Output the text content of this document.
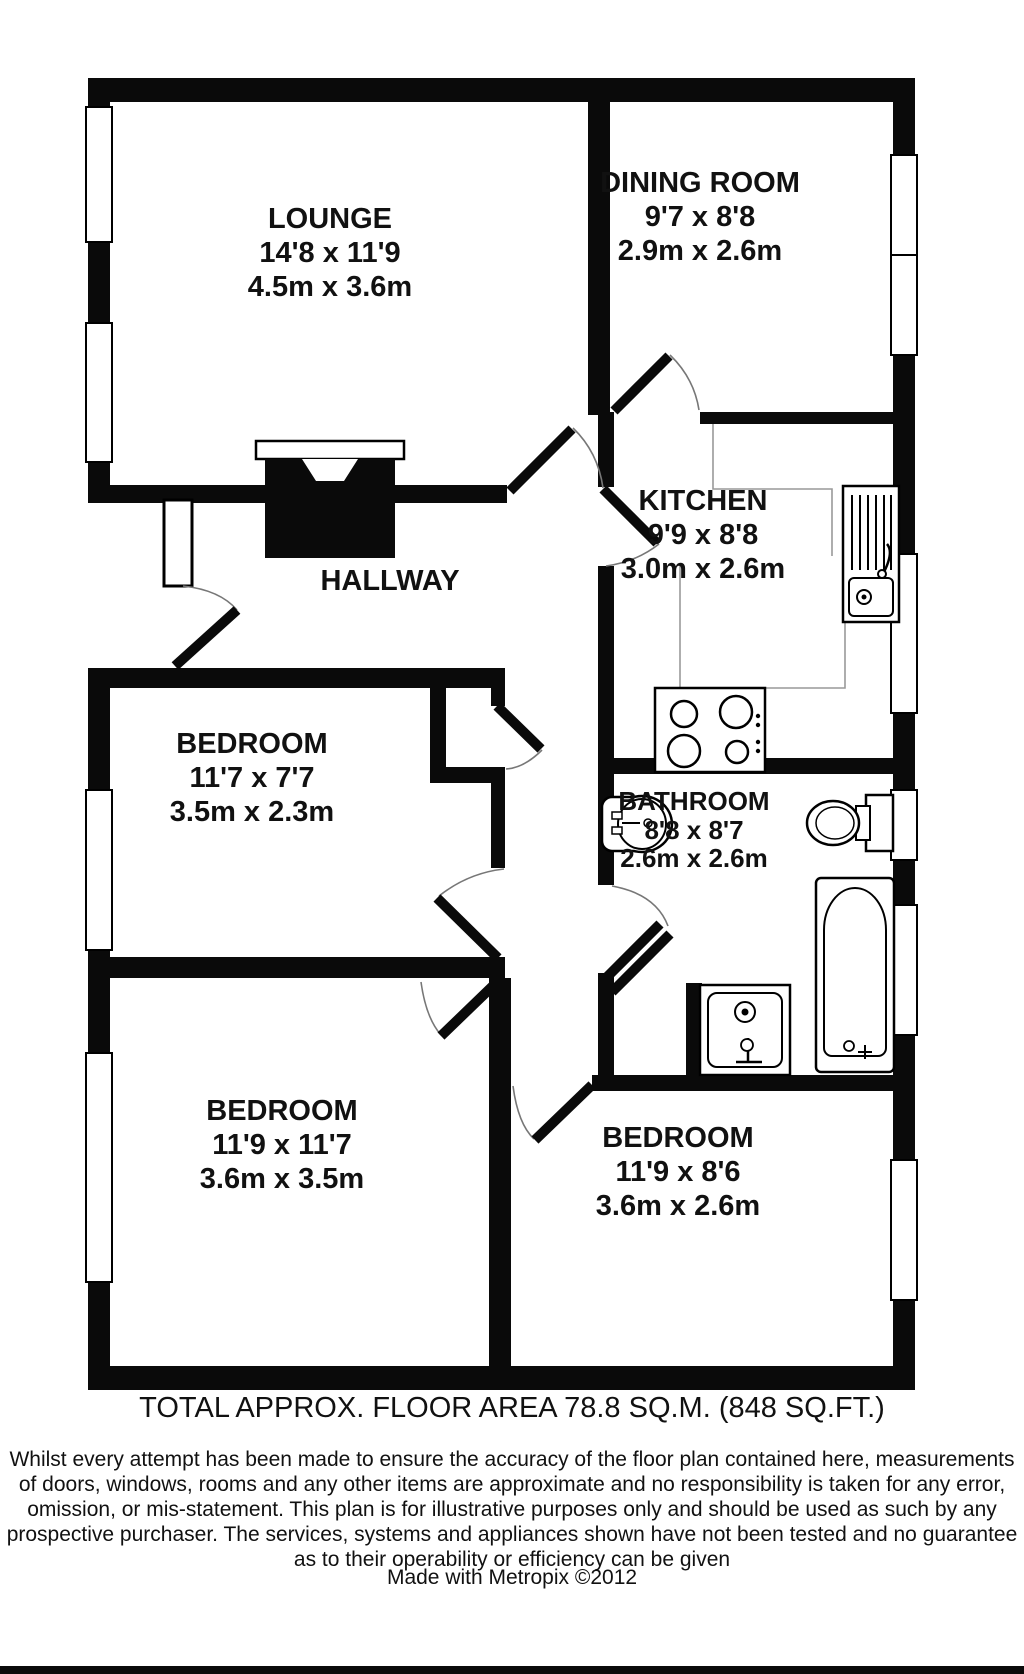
LOUNGE
14'8 x 11'9
4.5m x 3.6m
DINING ROOM
9'7 x 8'8
2.9m x 2.6m
KITCHEN
9'9 x 8'8
3.0m x 2.6m
HALLWAY
BEDROOM
11'7 x 7'7
3.5m x 2.3m	BATHROOM
8'8 x 8'7
2.6m x 2.6m
BEDROOM
11'9 x 11'7
3.6m x 3.5m
BEDROOM
11'9 x 8'6
3.6m x 2.6m
TOTAL APPROX. FLOOR AREA 78.8 SQ.M. (848 SQ.FT.)
Whilst every attempt has been made to ensure the accuracy of the floor plan contained here, measurements
of doors, windows, rooms and any other items are approximate and no responsibility is taken for any error,
omission, or mis-statement. This plan is for illustrative purposes only and should be used as such by any
prospective purchaser. The services, systems and appliances shown have not been tested and no guarantee
as to their operability or efficiency can be given
Made with Metropix ©2012
